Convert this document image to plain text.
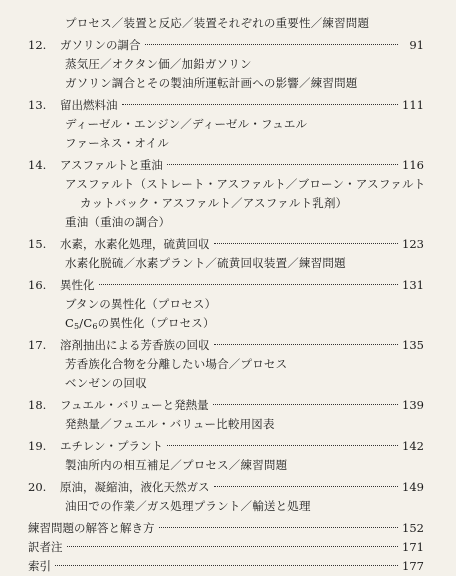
プロセス／装置と反応／装置それぞれの重要性／練習問題
12.	ガソリンの調合	91
蒸気圧／オクタン価／加鉛ガソリン
ガソリン調合とその製油所運転計画への影響／練習問題
13.	留出燃料油	111
ディーゼル・エンジン／ディーゼル・フュエル
ファーネス・オイル
14.	アスファルトと重油	116
アスファルト（ストレート・アスファルト／ブローン・アスファルト
カットバック・アスファルト／アスファルト乳剤）
重油（重油の調合）
15.	水素，水素化処理，硫黄回収	123
水素化脱硫／水素プラント／硫黄回収装置／練習問題
16.	異性化	131
ブタンの異性化（プロセス）
C5/C6の異性化（プロセス）
17.	溶剤抽出による芳香族の回収	135
芳香族化合物を分離したい場合／プロセス
ベンゼンの回収
18.	フュエル・バリューと発熱量	139
発熱量／フュエル・バリュー比較用図表
19.	エチレン・プラント	142
製油所内の相互補足／プロセス／練習問題
20.	原油，凝縮油，液化天然ガス	149
油田での作業／ガス処理プラント／輸送と処理
練習問題の解答と解き方	152
訳者注	171
索引	177
